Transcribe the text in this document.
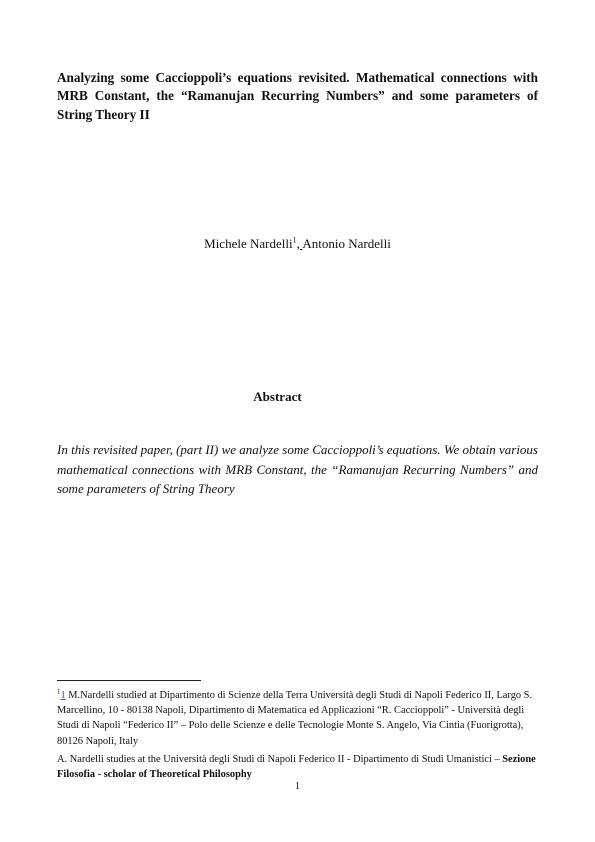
Analyzing some Caccioppoli’s equations revisited. Mathematical connections with MRB Constant, the “Ramanujan Recurring Numbers” and some parameters of String Theory II
Michele Nardelli$^1$, Antonio Nardelli
Abstract
In this revisited paper, (part II) we analyze some Caccioppoli’s equations. We obtain various mathematical connections with MRB Constant, the “Ramanujan Recurring Numbers” and some parameters of String Theory
$^1$1 M.Nardelli studied at Dipartimento di Scienze della Terra Università degli Studi di Napoli Federico II, Largo S. Marcellino, 10 - 80138 Napoli, Dipartimento di Matematica ed Applicazioni “R. Caccioppoli” - Università degli Studi di Napoli “Federico II” – Polo delle Scienze e delle Tecnologie Monte S. Angelo, Via Cintia (Fuorigrotta), 80126 Napoli, Italy
A. Nardelli studies at the Università degli Studi di Napoli Federico II - Dipartimento di Studi Umanistici – Sezione Filosofia - scholar of Theoretical Philosophy
1
